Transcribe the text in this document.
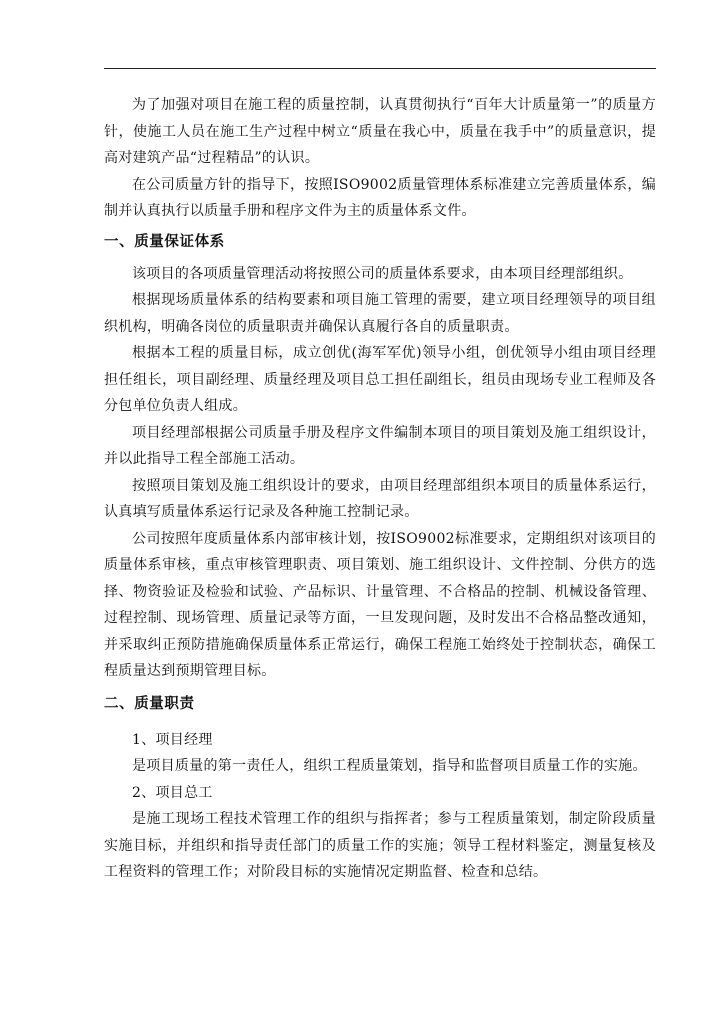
为了加强对项目在施工程的质量控制，认真贯彻执行“百年大计质量第一”的质量方针，使施工人员在施工生产过程中树立“质量在我心中，质量在我手中”的质量意识，提高对建筑产品“过程精品”的认识。

在公司质量方针的指导下，按照ISO9002质量管理体系标准建立完善质量体系，编制并认真执行以质量手册和程序文件为主的质量体系文件。

一、质量保证体系

该项目的各项质量管理活动将按照公司的质量体系要求，由本项目经理部组织。

根据现场质量体系的结构要素和项目施工管理的需要，建立项目经理领导的项目组织机构，明确各岗位的质量职责并确保认真履行各自的质量职责。

根据本工程的质量目标，成立创优(海军军优)领导小组，创优领导小组由项目经理担任组长，项目副经理、质量经理及项目总工担任副组长，组员由现场专业工程师及各分包单位负责人组成。

项目经理部根据公司质量手册及程序文件编制本项目的项目策划及施工组织设计，并以此指导工程全部施工活动。

按照项目策划及施工组织设计的要求，由项目经理部组织本项目的质量体系运行，认真填写质量体系运行记录及各种施工控制记录。

公司按照年度质量体系内部审核计划，按ISO9002标准要求，定期组织对该项目的质量体系审核，重点审核管理职责、项目策划、施工组织设计、文件控制、分供方的选择、物资验证及检验和试验、产品标识、计量管理、不合格品的控制、机械设备管理、过程控制、现场管理、质量记录等方面，一旦发现问题，及时发出不合格品整改通知，并采取纠正预防措施确保质量体系正常运行，确保工程施工始终处于控制状态，确保工程质量达到预期管理目标。

二、质量职责

1、项目经理

是项目质量的第一责任人，组织工程质量策划，指导和监督项目质量工作的实施。

2、项目总工

是施工现场工程技术管理工作的组织与指挥者；参与工程质量策划，制定阶段质量实施目标，并组织和指导责任部门的质量工作的实施；领导工程材料鉴定，测量复核及工程资料的管理工作；对阶段目标的实施情况定期监督、检查和总结。
